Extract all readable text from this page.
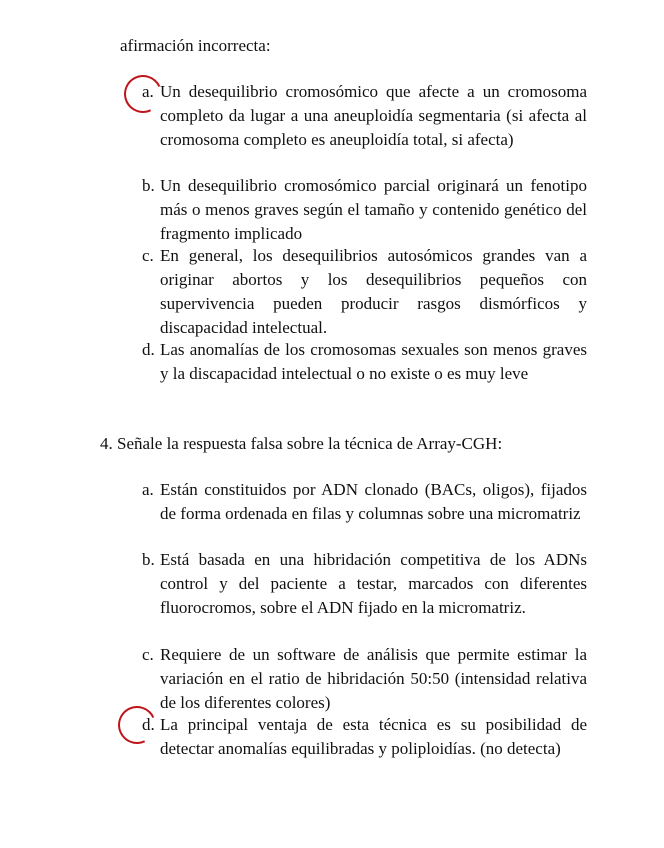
afirmación incorrecta:
a. Un desequilibrio cromosómico que afecte a un cromosoma completo da lugar a una aneuploidía segmentaria (si afecta al cromosoma completo es aneuploidía total, si afecta)
b. Un desequilibrio cromosómico parcial originará un fenotipo más o menos graves según el tamaño y contenido genético del fragmento implicado
c. En general, los desequilibrios autosómicos grandes van a originar abortos y los desequilibrios pequeños con supervivencia pueden producir rasgos dismórficos y discapacidad intelectual.
d. Las anomalías de los cromosomas sexuales son menos graves y la discapacidad intelectual o no existe o es muy leve
4. Señale la respuesta falsa sobre la técnica de Array-CGH:
a. Están constituidos por ADN clonado (BACs, oligos), fijados de forma ordenada en filas y columnas sobre una micromatriz
b. Está basada en una hibridación competitiva de los ADNs control y del paciente a testar, marcados con diferentes fluorocromos, sobre el ADN fijado en la micromatriz.
c. Requiere de un software de análisis que permite estimar la variación en el ratio de hibridación 50:50 (intensidad relativa de los diferentes colores)
d. La principal ventaja de esta técnica es su posibilidad de detectar anomalías equilibradas y poliploidías. (no detecta)
